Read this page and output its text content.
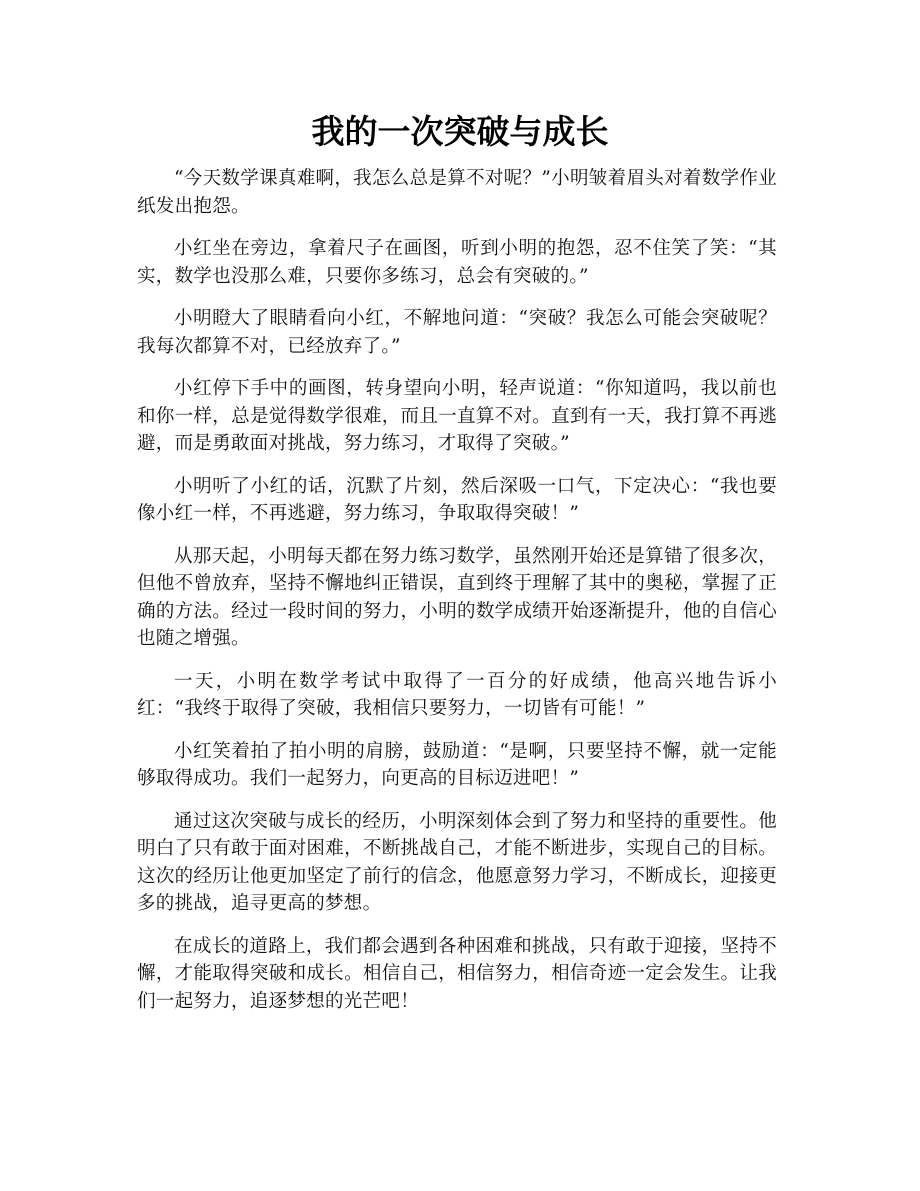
我的一次突破与成长

“今天数学课真难啊，我怎么总是算不对呢？”小明皱着眉头对着数学作业纸发出抱怨。

小红坐在旁边，拿着尺子在画图，听到小明的抱怨，忍不住笑了笑：“其实，数学也没那么难，只要你多练习，总会有突破的。”

小明瞪大了眼睛看向小红，不解地问道：“突破？我怎么可能会突破呢？我每次都算不对，已经放弃了。”

小红停下手中的画图，转身望向小明，轻声说道：“你知道吗，我以前也和你一样，总是觉得数学很难，而且一直算不对。直到有一天，我打算不再逃避，而是勇敢面对挑战，努力练习，才取得了突破。”

小明听了小红的话，沉默了片刻，然后深吸一口气，下定决心：“我也要像小红一样，不再逃避，努力练习，争取取得突破！”

从那天起，小明每天都在努力练习数学，虽然刚开始还是算错了很多次，但他不曾放弃，坚持不懈地纠正错误，直到终于理解了其中的奥秘，掌握了正确的方法。经过一段时间的努力，小明的数学成绩开始逐渐提升，他的自信心也随之增强。

一天，小明在数学考试中取得了一百分的好成绩，他高兴地告诉小红：“我终于取得了突破，我相信只要努力，一切皆有可能！”

小红笑着拍了拍小明的肩膀，鼓励道：“是啊，只要坚持不懈，就一定能够取得成功。我们一起努力，向更高的目标迈进吧！”

通过这次突破与成长的经历，小明深刻体会到了努力和坚持的重要性。他明白了只有敢于面对困难，不断挑战自己，才能不断进步，实现自己的目标。这次的经历让他更加坚定了前行的信念，他愿意努力学习，不断成长，迎接更多的挑战，追寻更高的梦想。

在成长的道路上，我们都会遇到各种困难和挑战，只有敢于迎接，坚持不懈，才能取得突破和成长。相信自己，相信努力，相信奇迹一定会发生。让我们一起努力，追逐梦想的光芒吧！
